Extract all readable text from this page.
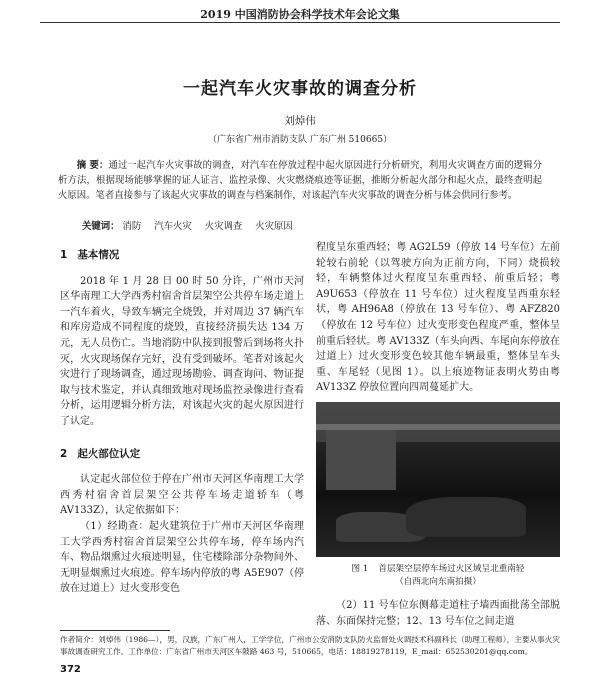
2019 中国消防协会科学技术年会论文集
一起汽车火灾事故的调查分析
刘焯伟
（广东省广州市消防支队 广东广州 510665）
摘 要：通过一起汽车火灾事故的调查，对汽车在停放过程中起火原因进行分析研究，利用火灾调查方面的逻辑分析方法，根据现场能够掌握的证人证言、监控录像、火灾燃烧痕迹等证据，推断分析起火部分和起火点，最终查明起火原因。笔者直接参与了该起火灾事故的调查与档案制作，对该起汽车火灾事故的调查分析与体会供同行参考。
关键词： 消防 汽车火灾 火灾调查 火灾原因
1 基本情况

2018 年 1 月 28 日 00 时 50 分许，广州市天河区华南理工大学西秀村宿舍首层架空公共停车场走道上一汽车着火，导致车辆完全烧毁，并对周边 37 辆汽车和库房造成不同程度的烧毁，直接经济损失达 134 万元，无人员伤亡。当地消防中队接到报警后到场将火扑灭，火灾现场保存完好，没有受到破坏。笔者对该起火灾进行了现场调查，通过现场勘验、调查询问、物证提取与技术鉴定，并认真细致地对现场监控录像进行查看分析，运用逻辑分析方法，对该起火灾的起火原因进行了认定。

2 起火部位认定

认定起火部位位于停在广州市天河区华南理工大学西秀村宿舍首层架空公共停车场走道轿车（粤 AV133Z），认定依据如下：

（1）经勘查：起火建筑位于广州市天河区华南理工大学西秀村宿舍首层架空公共停车场，停车场内汽车、物品烟熏过火痕迹明显，住宅楼除部分杂物间外、无明显烟熏过火痕迹。停车场内停放的粤 A5E907（停放在过道上）过火变形变色

程度呈东重西轻；粤 AG2L59（停放 14 号车位）左前轮较右前轮（以驾驶方向为正前方向，下同）烧损较轻，车辆整体过火程度呈东重西轻、前重后轻；粤 A9U653（停放在 11 号车位）过火程度呈西重东轻状，粤 AH96A8（停放在 13 号车位）、粤 AFZ820（停放在 12 号车位）过火变形变色程度严重，整体呈前重后轻状。粤 AV133Z（车头向西、车尾向东停放在过道上）过火变形变色较其他车辆最重，整体呈车头重、车尾轻（见图 1）。以上痕迹物证表明火势由粤 AV133Z 停放位置向四周蔓延扩大。

图 1 首层架空层停车场过火区域呈北重南轻
（自西北向东南拍摄）

（2）11 号车位东侧幕走道柱子墙西面批荡全部脱落、东面保持完整；12、13 号车位之间走道

作者简介：刘焯伟（1986—），男，汉族，广东广州人，工学学位，广州市公安消防支队防火监督处火调技术科副科长（助理工程师），主要从事火灾事故调查研究工作。工作单位：广东省广州市天河区车陂路 463 号，510665，电话：18819278119，E_mail：652530201@qq.com。
372
